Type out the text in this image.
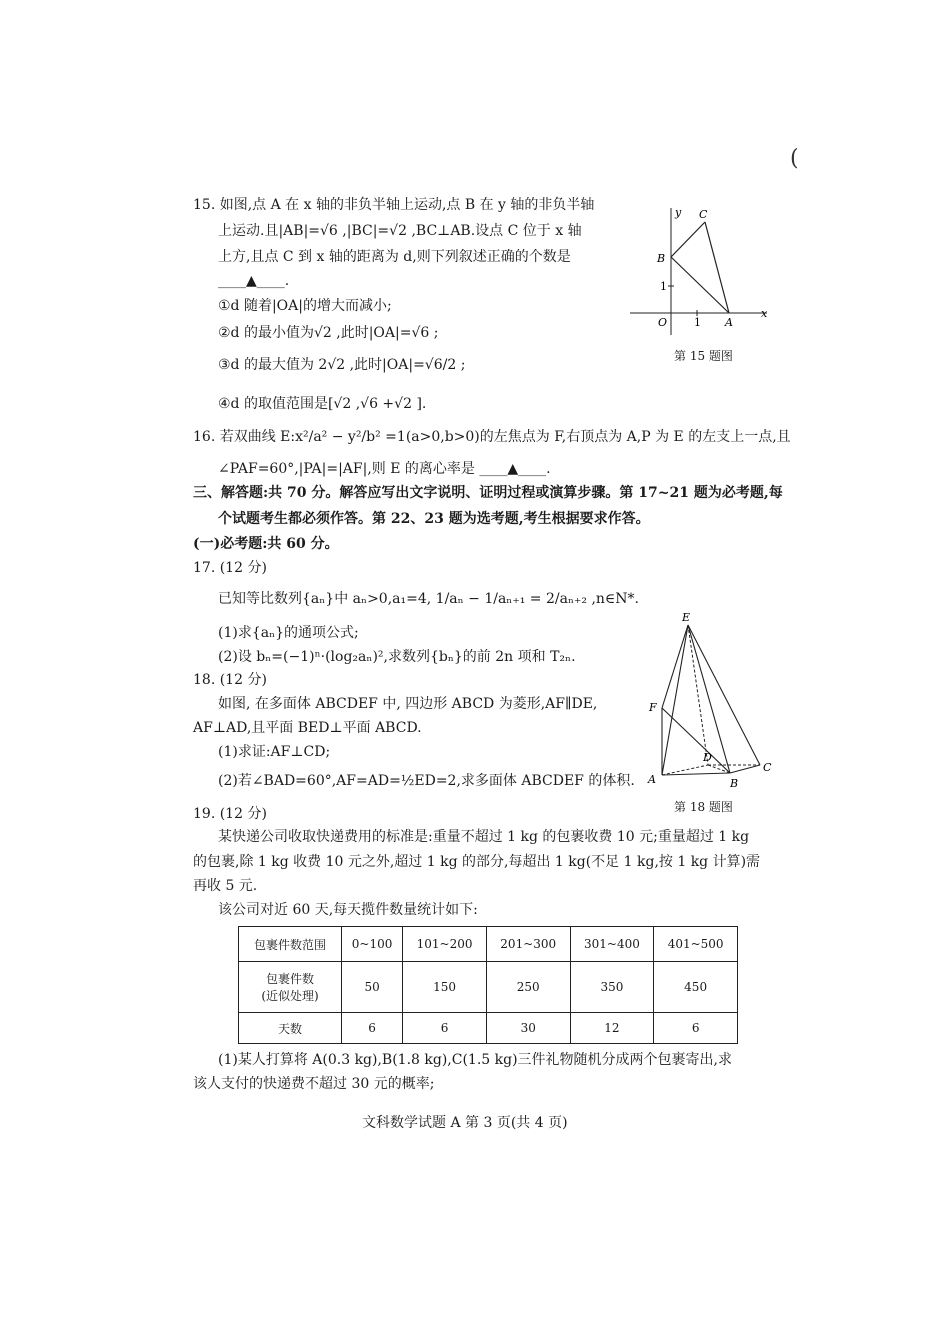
(
15. 如图,点 A 在 x 轴的非负半轴上运动,点 B 在 y 轴的非负半轴
上运动.且|AB|=√6 ,|BC|=√2 ,BC⊥AB.设点 C 位于 x 轴
上方,且点 C 到 x 轴的距离为 d,则下列叙述正确的个数是
____▲____.
①d 随着|OA|的增大而减小;
②d 的最小值为√2 ,此时|OA|=√6 ;
③d 的最大值为 2√2 ,此时|OA|=√6/2 ;
④d 的取值范围是[√2 ,√6 +√2 ].
y C
B
1
O 1 A
x
第 15 题图
16. 若双曲线 E:x²/a² − y²/b² =1(a>0,b>0)的左焦点为 F,右顶点为 A,P 为 E 的左支上一点,且
∠PAF=60°,|PA|=|AF|,则 E 的离心率是 ____▲____.
三、解答题:共 70 分。解答应写出文字说明、证明过程或演算步骤。第 17~21 题为必考题,每
个试题考生都必须作答。第 22、23 题为选考题,考生根据要求作答。
(一)必考题:共 60 分。
17. (12 分)
已知等比数列{aₙ}中 aₙ>0,a₁=4, 1/aₙ − 1/aₙ₊₁ = 2/aₙ₊₂ ,n∈N*.
(1)求{aₙ}的通项公式;
(2)设 bₙ=(−1)ⁿ·(log₂aₙ)²,求数列{bₙ}的前 2n 项和 T₂ₙ.
18. (12 分)
如图, 在多面体 ABCDEF 中, 四边形 ABCD 为菱形,AF∥DE,
AF⊥AD,且平面 BED⊥平面 ABCD.
(1)求证:AF⊥CD;
(2)若∠BAD=60°,AF=AD=½ED=2,求多面体 ABCDEF 的体积.
E
F
D
A
C
B
第 18 题图
19. (12 分)
某快递公司收取快递费用的标准是:重量不超过 1 kg 的包裹收费 10 元;重量超过 1 kg
的包裹,除 1 kg 收费 10 元之外,超过 1 kg 的部分,每超出 1 kg(不足 1 kg,按 1 kg 计算)需
再收 5 元.
该公司对近 60 天,每天揽件数量统计如下:
包裹件数范围	0~100	101~200	201~300	301~400	401~500

包裹件数
(近似处理)	50	150	250	350	450
天数	6	6	30	12	6
(1)某人打算将 A(0.3 kg),B(1.8 kg),C(1.5 kg)三件礼物随机分成两个包裹寄出,求
该人支付的快递费不超过 30 元的概率;
文科数学试题 A 第 3 页(共 4 页)
